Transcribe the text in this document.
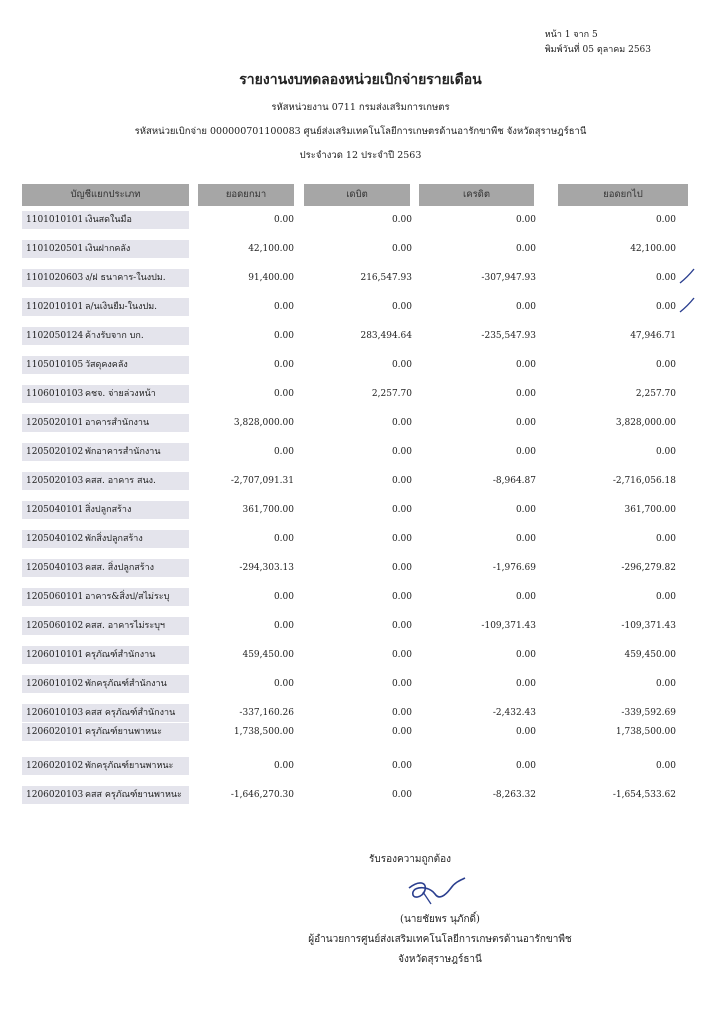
หน้า 1 จาก 5
พิมพ์วันที่ 05 ตุลาคม 2563
รายงานงบทดลองหน่วยเบิกจ่ายรายเดือน
รหัสหน่วยงาน 0711 กรมส่งเสริมการเกษตร
รหัสหน่วยเบิกจ่าย 000000701100083 ศูนย์ส่งเสริมเทคโนโลยีการเกษตรด้านอารักขาพืช จังหวัดสุราษฎร์ธานี
ประจำงวด 12 ประจำปี 2563
บัญชีแยกประเภท	ยอดยกมา	เดบิต	เครดิต	ยอดยกไป
1101010101 เงินสดในมือ	0.00	0.00	0.00	0.00
1101020501 เงินฝากคลัง	42,100.00	0.00	0.00	42,100.00
1101020603 ง/ฝ ธนาคาร-ในงปม.	91,400.00	216,547.93	-307,947.93	0.00
1102010101 ล/นเงินยืม-ในงปม.	0.00	0.00	0.00	0.00
1102050124 ค้างรับจาก บก.	0.00	283,494.64	-235,547.93	47,946.71
1105010105 วัสดุคงคลัง	0.00	0.00	0.00	0.00
1106010103 คชจ. จ่ายล่วงหน้า	0.00	2,257.70	0.00	2,257.70
1205020101 อาคารสำนักงาน	3,828,000.00	0.00	0.00	3,828,000.00
1205020102 พักอาคารสำนักงาน	0.00	0.00	0.00	0.00
1205020103 คสส. อาคาร สนง.	-2,707,091.31	0.00	-8,964.87	-2,716,056.18
1205040101 สิ่งปลูกสร้าง	361,700.00	0.00	0.00	361,700.00
1205040102 พักสิ่งปลูกสร้าง	0.00	0.00	0.00	0.00
1205040103 คสส. สิ่งปลูกสร้าง	-294,303.13	0.00	-1,976.69	-296,279.82
1205060101 อาคาร&สิ่งป/สไม่ระบุ	0.00	0.00	0.00	0.00
1205060102 คสส. อาคารไม่ระบุฯ	0.00	0.00	-109,371.43	-109,371.43
1206010101 ครุภัณฑ์สำนักงาน	459,450.00	0.00	0.00	459,450.00
1206010102 พักครุภัณฑ์สำนักงาน	0.00	0.00	0.00	0.00
1206010103 คสส ครุภัณฑ์สำนักงาน	-337,160.26	0.00	-2,432.43	-339,592.69
1206020101 ครุภัณฑ์ยานพาหนะ	1,738,500.00	0.00	0.00	1,738,500.00
1206020102 พักครุภัณฑ์ยานพาหนะ	0.00	0.00	0.00	0.00
1206020103 คสส ครุภัณฑ์ยานพาหนะ	-1,646,270.30	0.00	-8,263.32	-1,654,533.62
รับรองความถูกต้อง
(นายชัยพร นุภักดิ์)
ผู้อำนวยการศูนย์ส่งเสริมเทคโนโลยีการเกษตรด้านอารักขาพืช
จังหวัดสุราษฎร์ธานี
